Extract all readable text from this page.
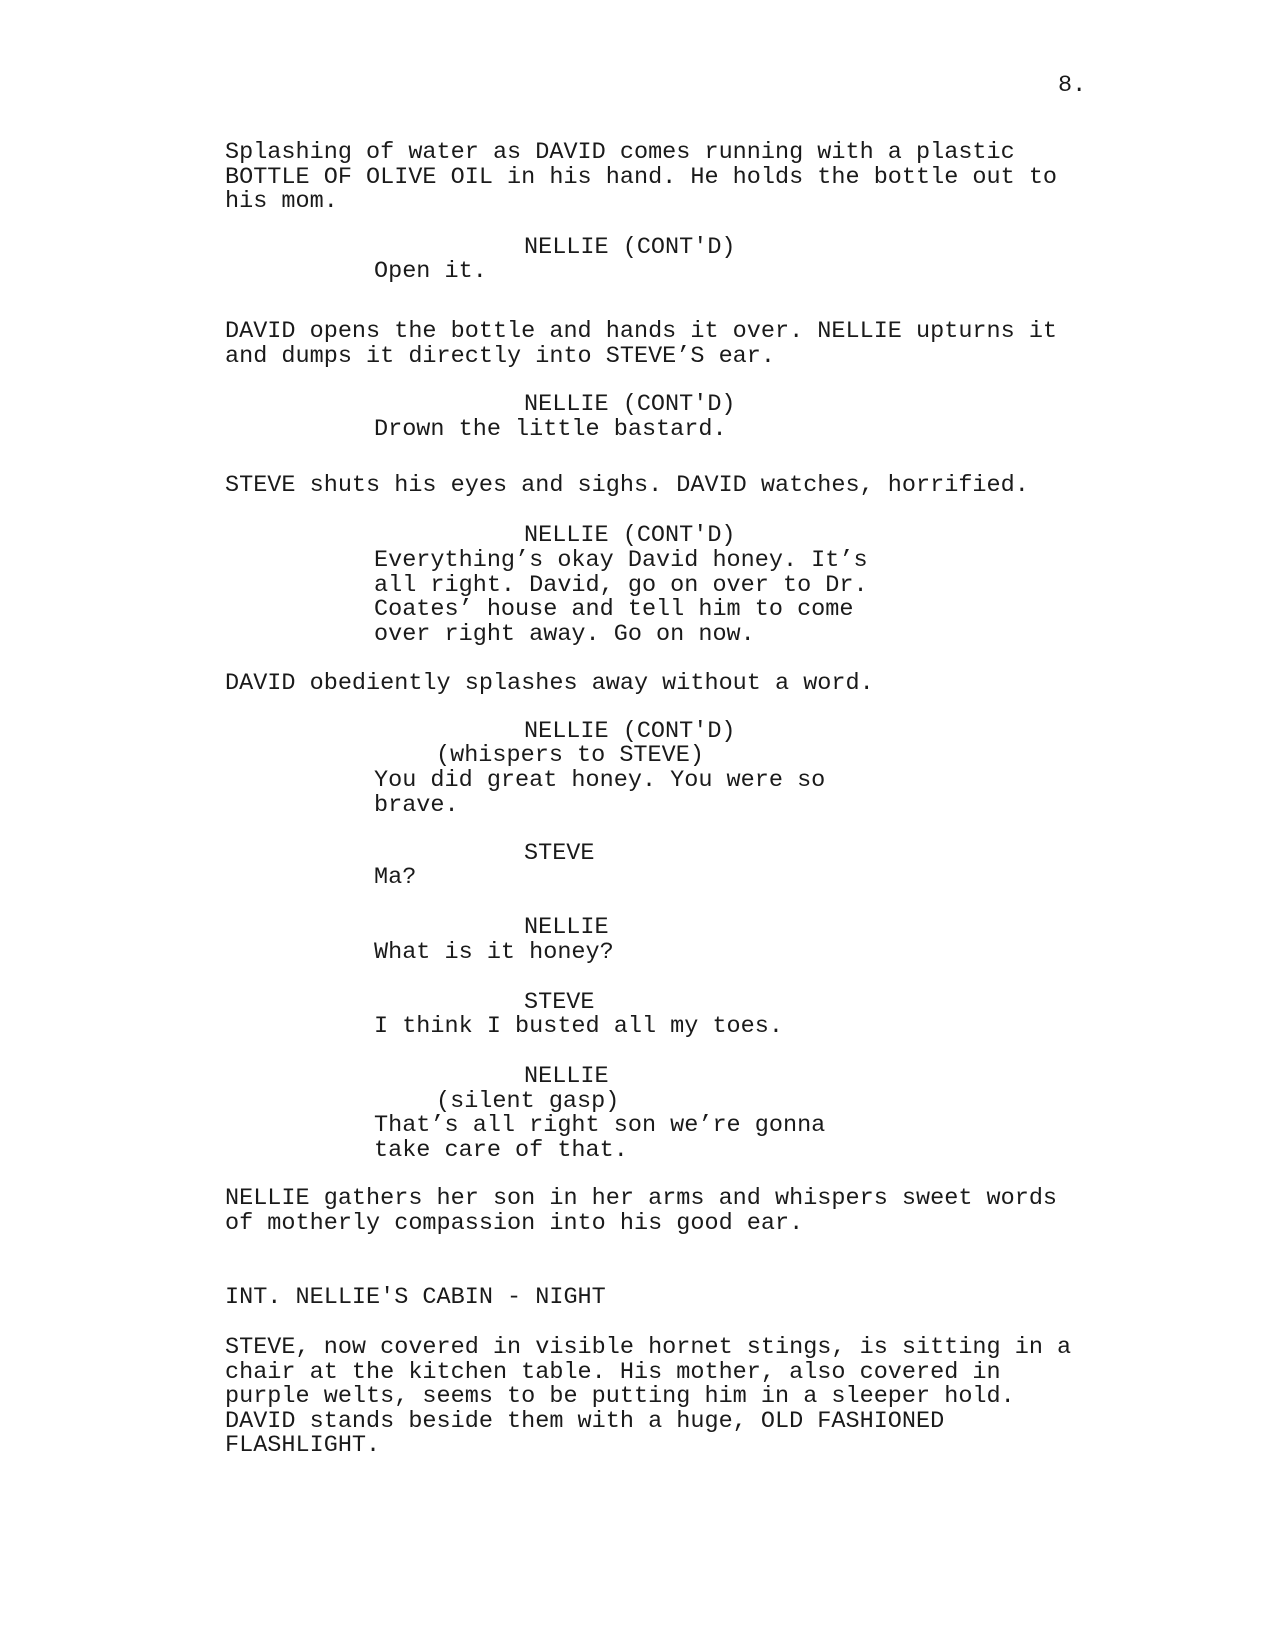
8.

Splashing of water as DAVID comes running with a plastic
BOTTLE OF OLIVE OIL in his hand. He holds the bottle out to
his mom.

NELLIE (CONT'D)

Open it.

DAVID opens the bottle and hands it over. NELLIE upturns it
and dumps it directly into STEVE’S ear.

NELLIE (CONT'D)

Drown the little bastard.

STEVE shuts his eyes and sighs. DAVID watches, horrified.

NELLIE (CONT'D)

Everything’s okay David honey. It’s
all right. David, go on over to Dr.
Coates’ house and tell him to come
over right away. Go on now.

DAVID obediently splashes away without a word.

NELLIE (CONT'D)

(whispers to STEVE)

You did great honey. You were so
brave.

STEVE

Ma?

NELLIE

What is it honey?

STEVE

I think I busted all my toes.

NELLIE

(silent gasp)

That’s all right son we’re gonna
take care of that.

NELLIE gathers her son in her arms and whispers sweet words
of motherly compassion into his good ear.

INT. NELLIE'S CABIN - NIGHT

STEVE, now covered in visible hornet stings, is sitting in a
chair at the kitchen table. His mother, also covered in
purple welts, seems to be putting him in a sleeper hold.
DAVID stands beside them with a huge, OLD FASHIONED
FLASHLIGHT.
